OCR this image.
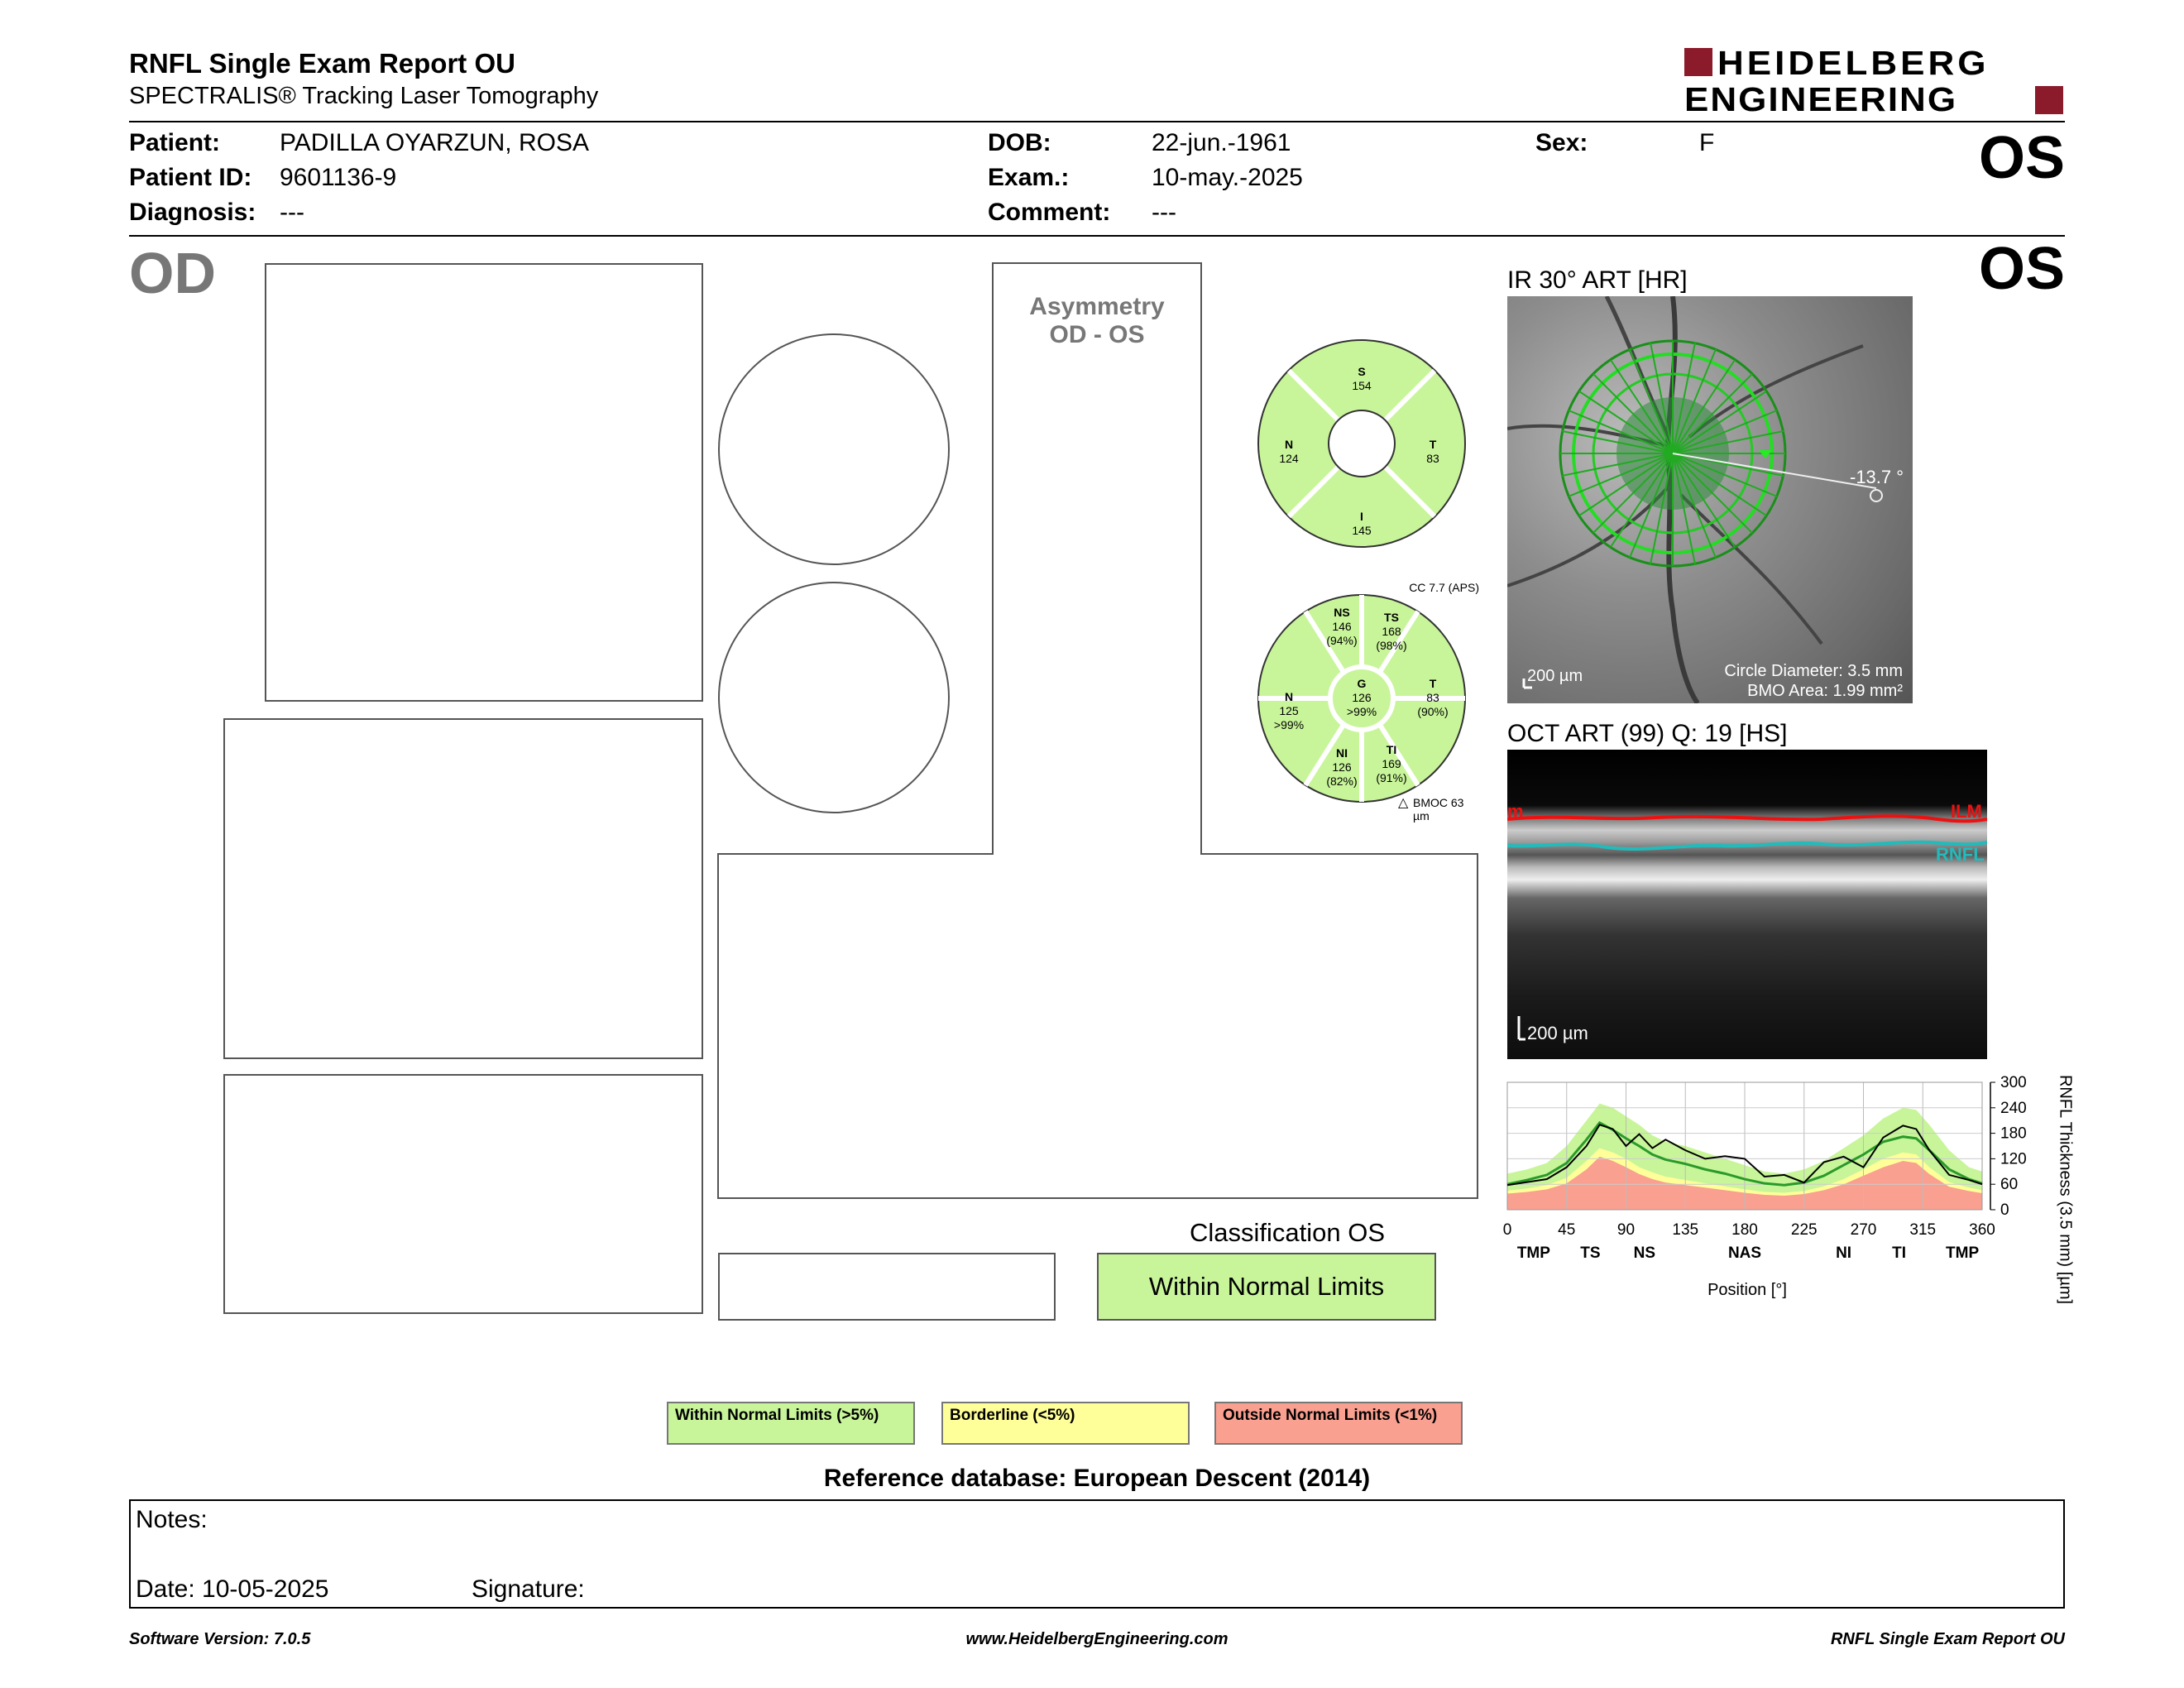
RNFL Single Exam Report OU
SPECTRALIS® Tracking Laser Tomography
HEIDELBERG
ENGINEERING
Patient: PADILLA OYARZUN, ROSA
Patient ID: 9601136-9
Diagnosis: ---
DOB:	22-jun.-1961
Exam.:	10-may.-2025
Comment: ---
Sex:	F	OS
OD
Asymmetry
OD - OS
S
154
N
124
T
83
I
145
CC 7.7 (APS)
NS
146
(94%)
TS
168
(98%)
N
125
>99%
G
126
>99%
T
83
(90%)
NI
126
(82%)
TI
169
(91%)
△ BMOC 63 µm
OS
IR 30° ART [HR]
-13.7 °
200 µm	Circle Diameter: 3.5 mm
BMO Area: 1.99 mm²
OCT ART (99) Q: 19 [HS]
m	ILM
RNFL
200 µm
300
240
180
120
60
0
0	45	90 135 180 225 270 315 360
TMP TS NS	NAS	NI	TI	TMP	RNFL Thickness (3.5 mm) [µm]
Position [°]
Classification OS
Within Normal Limits
Within Normal Limits (>5%)	Borderline (<5%)	Outside Normal Limits (<1%)
Reference database: European Descent (2014)
Notes:
Date: 10-05-2025	Signature:
Software Version: 7.0.5	www.HeidelbergEngineering.com	RNFL Single Exam Report OU
